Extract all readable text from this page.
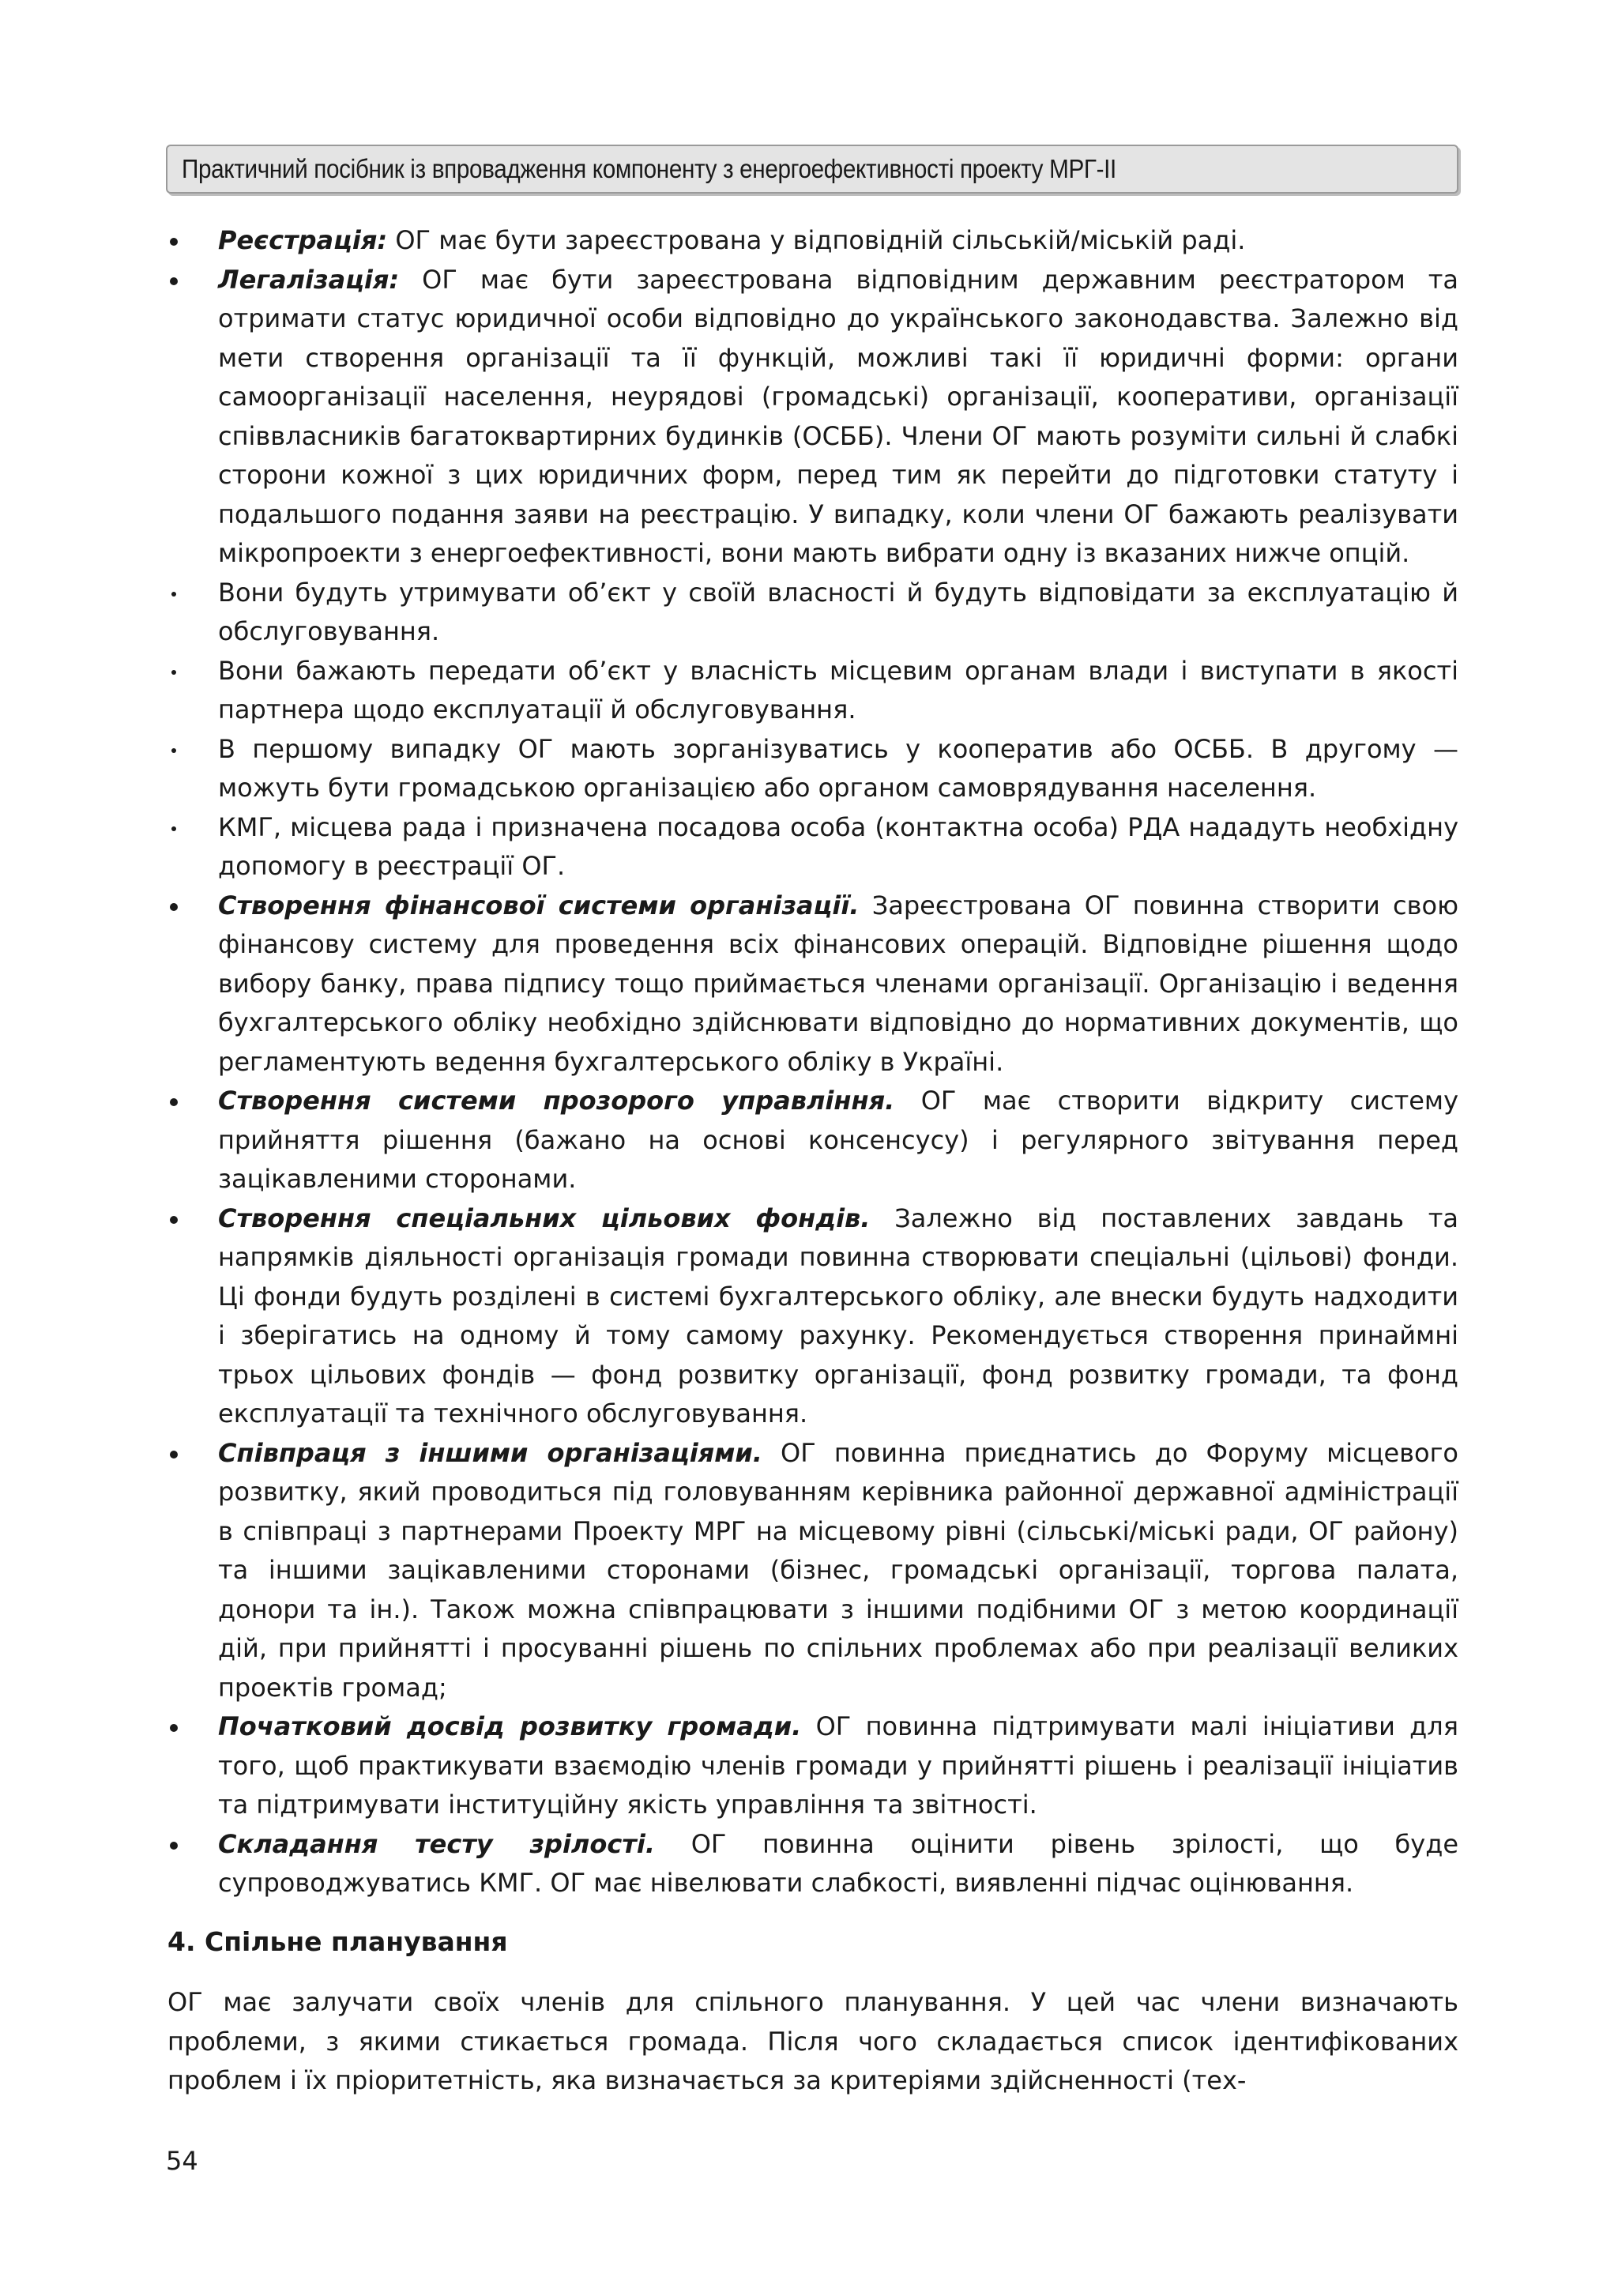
Практичний посібник із впровадження компоненту з енергоефективності проекту МРГ-ІІ
Реєстрація: ОГ має бути зареєстрована у відповідній сільській/міській раді.
Легалізація: ОГ має бути зареєстрована відповідним державним реєстратором та отримати статус юридичної особи відповідно до українського законодавства. Залежно від мети створення організації та її функцій, можливі такі її юридичні форми: органи самоорганізації населення, неурядові (громадські) організації, кооперативи, організації співвласників багатоквартирних будинків (ОСББ). Члени ОГ мають розуміти сильні й слабкі сторони кожної з цих юридичних форм, перед тим як перейти до підготовки статуту і подальшого подання заяви на реєстрацію. У випадку, коли члени ОГ бажають реалізувати мікропроекти з енергоефективності, вони мають вибрати одну із вказаних нижче опцій.
Вони будуть утримувати об’єкт у своїй власності й будуть відповідати за експлуатацію й обслуговування.
Вони бажають передати об’єкт у власність місцевим органам влади і виступати в якості партнера щодо експлуатації й обслуговування.
В першому випадку ОГ мають зорганізуватись у кооператив або ОСББ. В другому — можуть бути громадською організацією або органом самоврядування населення.
КМГ, місцева рада і призначена посадова особа (контактна особа) РДА нададуть необхідну допомогу в реєстрації ОГ.
Створення фінансової системи організації. Зареєстрована ОГ повинна створити свою фінансову систему для проведення всіх фінансових операцій. Відповідне рішення щодо вибору банку, права підпису тощо приймається членами організації. Організацію і ведення бухгалтерського обліку необхідно здійснювати відповідно до нормативних документів, що регламентують ведення бухгалтерського обліку в Україні.
Створення системи прозорого управління. ОГ має створити відкриту систему прийняття рішення (бажано на основі консенсусу) і регулярного звітування перед зацікавленими сторонами.
Створення спеціальних цільових фондів. Залежно від поставлених завдань та напрямків діяльності організація громади повинна створювати спеціальні (цільові) фонди. Ці фонди будуть розділені в системі бухгалтерського обліку, але внески будуть надходити і зберігатись на одному й тому самому рахунку. Рекомендується створення принаймні трьох цільових фондів — фонд розвитку організації, фонд розвитку громади, та фонд експлуатації та технічного обслуговування.
Співпраця з іншими організаціями. ОГ повинна приєднатись до Форуму місцевого розвитку, який проводиться під головуванням керівника районної державної адміністрації в співпраці з партнерами Проекту МРГ на місцевому рівні (сільські/міські ради, ОГ району) та іншими зацікавленими сторонами (бізнес, громадські організації, торгова палата, донори та ін.). Також можна співпрацювати з іншими подібними ОГ з метою координації дій, при прийнятті і просуванні рішень по спільних проблемах або при реалізації великих проектів громад;
Початковий досвід розвитку громади. ОГ повинна підтримувати малі ініціативи для того, щоб практикувати взаємодію членів громади у прийнятті рішень і реалізації ініціатив та підтримувати інституційну якість управління та звітності.
Складання тесту зрілості. ОГ повинна оцінити рівень зрілості, що буде супроводжуватись КМГ. ОГ має нівелювати слабкості, виявленні підчас оцінювання.
4. Спільне планування

ОГ має залучати своїх членів для спільного планування. У цей час члени визначають проблеми, з якими стикається громада. Після чого складається список ідентифікованих проблем і їх пріоритетність, яка визначається за критеріями здійсненності (тех-

54
